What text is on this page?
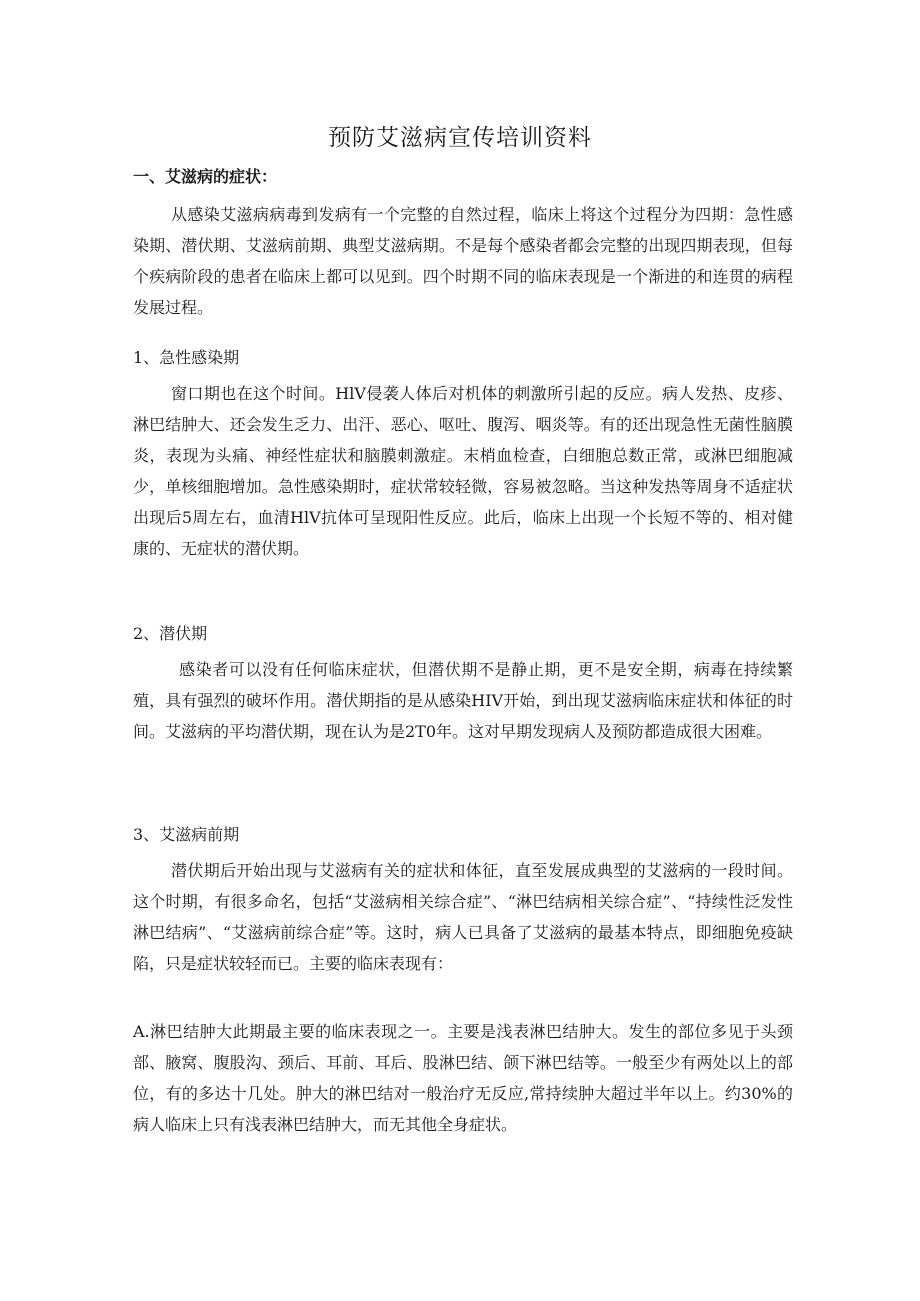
预防艾滋病宣传培训资料
一、艾滋病的症状：

从感染艾滋病病毒到发病有一个完整的自然过程，临床上将这个过程分为四期：急性感染期、潜伏期、艾滋病前期、典型艾滋病期。不是每个感染者都会完整的出现四期表现，但每个疾病阶段的患者在临床上都可以见到。四个时期不同的临床表现是一个渐进的和连贯的病程发展过程。

1、急性感染期

窗口期也在这个时间。HlV侵袭人体后对机体的刺激所引起的反应。病人发热、皮疹、淋巴结肿大、还会发生乏力、出汗、恶心、呕吐、腹泻、咽炎等。有的还出现急性无菌性脑膜炎，表现为头痛、神经性症状和脑膜刺激症。末梢血检查，白细胞总数正常，或淋巴细胞减少，单核细胞增加。急性感染期时，症状常较轻微，容易被忽略。当这种发热等周身不适症状出现后5周左右，血清HlV抗体可呈现阳性反应。此后，临床上出现一个长短不等的、相对健康的、无症状的潜伏期。

2、潜伏期

感染者可以没有任何临床症状，但潜伏期不是静止期，更不是安全期，病毒在持续繁殖，具有强烈的破坏作用。潜伏期指的是从感染HIV开始，到出现艾滋病临床症状和体征的时间。艾滋病的平均潜伏期，现在认为是2T0年。这对早期发现病人及预防都造成很大困难。

3、艾滋病前期

潜伏期后开始出现与艾滋病有关的症状和体征，直至发展成典型的艾滋病的一段时间。这个时期，有很多命名，包括“艾滋病相关综合症”、“淋巴结病相关综合症”、“持续性泛发性淋巴结病”、“艾滋病前综合症”等。这时，病人已具备了艾滋病的最基本特点，即细胞免疫缺陷，只是症状较轻而已。主要的临床表现有：

A.淋巴结肿大此期最主要的临床表现之一。主要是浅表淋巴结肿大。发生的部位多见于头颈部、腋窝、腹股沟、颈后、耳前、耳后、股淋巴结、颌下淋巴结等。一般至少有两处以上的部位，有的多达十几处。肿大的淋巴结对一般治疗无反应,常持续肿大超过半年以上。约30%的病人临床上只有浅表淋巴结肿大，而无其他全身症状。
